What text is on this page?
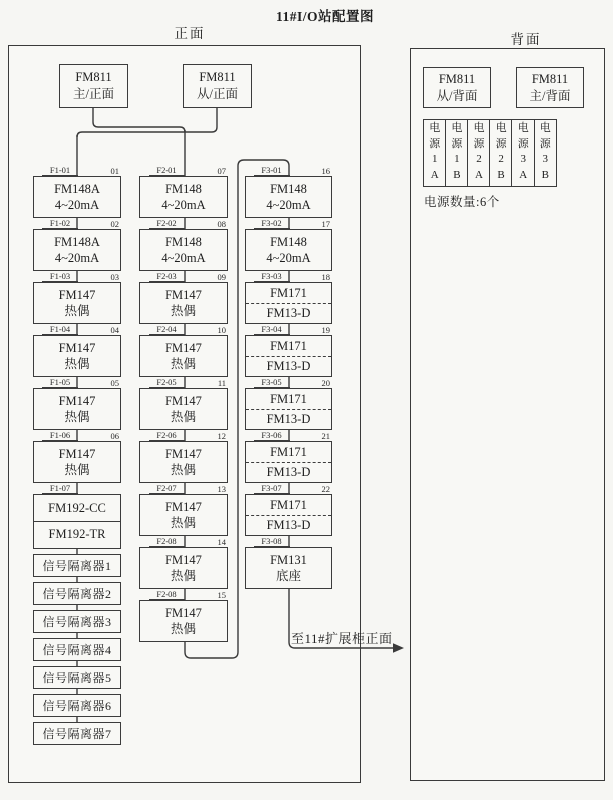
11#I/O站配置图
正面	背面
F1-01	01
FM148A
4~20mA
F1-02	02
FM148A
4~20mA
F1-03	03
FM147
热偶
F1-04	04
FM147
热偶
F1-05	05
FM147
热偶
F1-06	06
FM147
热偶
F1-07
FM192-CC
FM192-TR
信号隔离器1
信号隔离器2
信号隔离器3
信号隔离器4
信号隔离器5
信号隔离器6
信号隔离器7
F2-01	07
FM148
4~20mA
F2-02	08
FM148
4~20mA
F2-03	09
FM147
热偶
F2-04	10
FM147
热偶
F2-05	11
FM147
热偶
F2-06	12
FM147
热偶
F2-07	13
FM147
热偶
F2-08	14
FM147
热偶
F2-08	15
FM147
热偶
F3-01	16
FM148
4~20mA
F3-02	17
FM148
4~20mA
F3-03	18
FM171
FM13-D
F3-04	19
FM171
FM13-D
F3-05	20
FM171
FM13-D
F3-06	21
FM171
FM13-D
F3-07	22
FM171
FM13-D
F3-08
FM131
底座
FM811
主/正面
FM811
从/正面
FM811
从/背面
FM811
主/背面
电
源
1
A
电
源
1
B
电
源
2
A
电
源
2
B
电
源
3
A
电
源
3
B
电源数量:6个
至11#扩展柜正面
